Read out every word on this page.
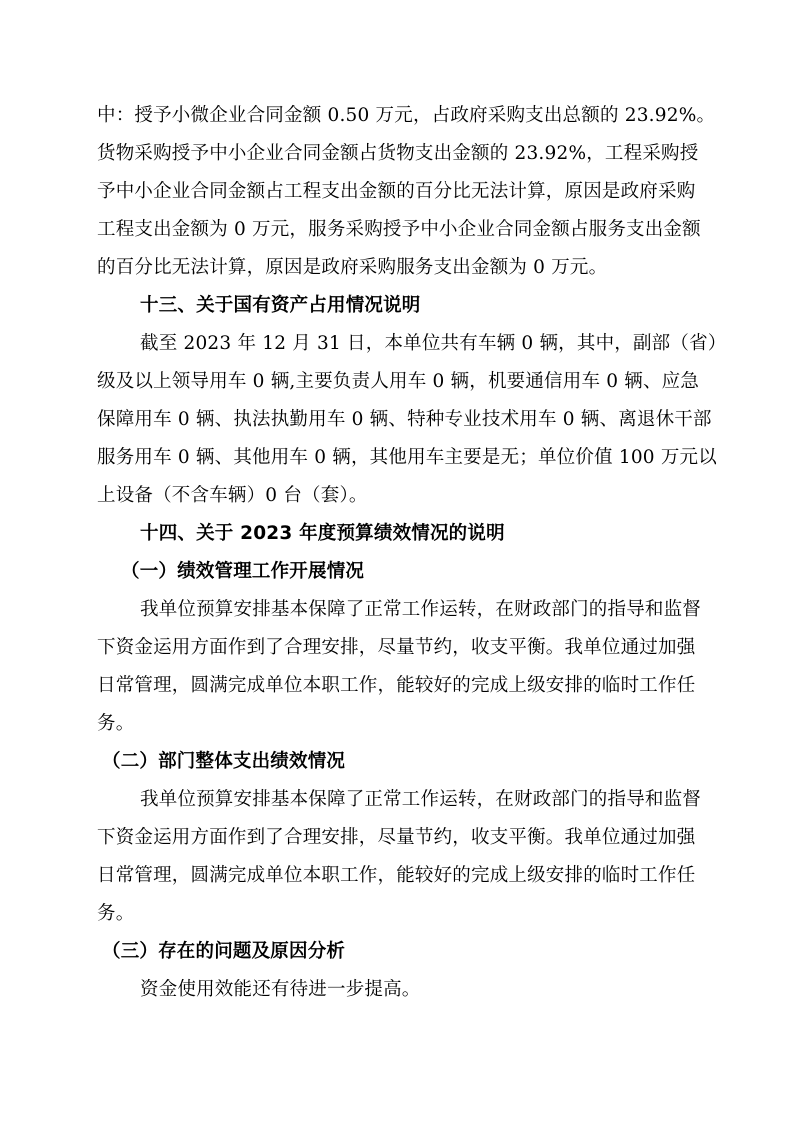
中：授予小微企业合同金额 0.50 万元，占政府采购支出总额的 23.92%。
货物采购授予中小企业合同金额占货物支出金额的 23.92%，工程采购授
予中小企业合同金额占工程支出金额的百分比无法计算，原因是政府采购
工程支出金额为 0 万元，服务采购授予中小企业合同金额占服务支出金额
的百分比无法计算，原因是政府采购服务支出金额为 0 万元。
十三、关于国有资产占用情况说明
截至 2023 年 12 月 31 日，本单位共有车辆 0 辆，其中，副部（省）
级及以上领导用车 0 辆,主要负责人用车 0 辆，机要通信用车 0 辆、应急
保障用车 0 辆、执法执勤用车 0 辆、特种专业技术用车 0 辆、离退休干部
服务用车 0 辆、其他用车 0 辆，其他用车主要是无；单位价值 100 万元以
上设备（不含车辆）0 台（套）。
十四、关于 2023 年度预算绩效情况的说明
（一）绩效管理工作开展情况
我单位预算安排基本保障了正常工作运转，在财政部门的指导和监督
下资金运用方面作到了合理安排，尽量节约，收支平衡。我单位通过加强
日常管理，圆满完成单位本职工作，能较好的完成上级安排的临时工作任
务。
（二）部门整体支出绩效情况
我单位预算安排基本保障了正常工作运转，在财政部门的指导和监督
下资金运用方面作到了合理安排，尽量节约，收支平衡。我单位通过加强
日常管理，圆满完成单位本职工作，能较好的完成上级安排的临时工作任
务。
（三）存在的问题及原因分析
资金使用效能还有待进一步提高。
